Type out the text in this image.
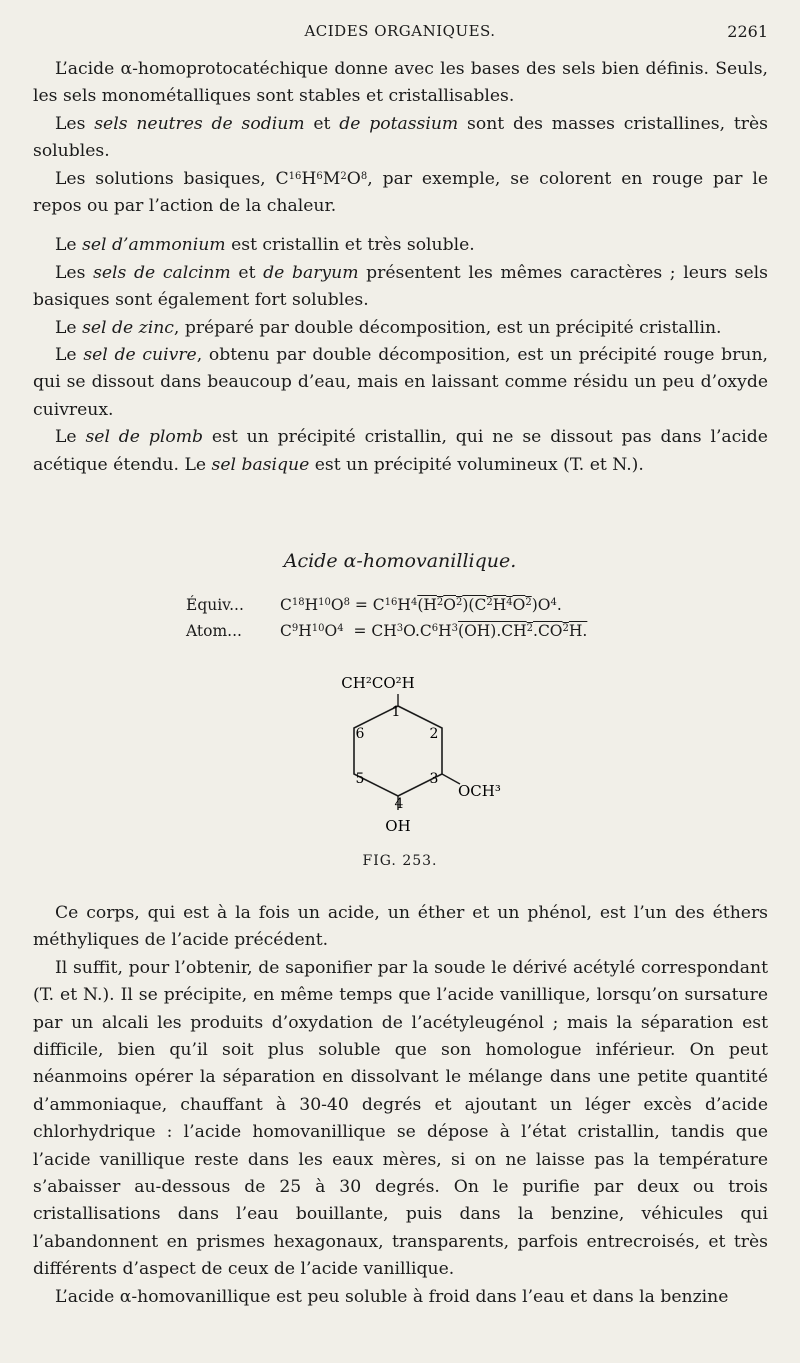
ACIDES ORGANIQUES.	2261

L’acide α-homoprotocatéchique donne avec les bases des sels bien définis. Seuls, les sels monométalliques sont stables et cristallisables.

Les sels neutres de sodium et de potassium sont des masses cristallines, très solubles.

Les solutions basiques, $C^{16}H^6M^2O^8$, par exemple, se colorent en rouge par le repos ou par l’action de la chaleur.

Le sel d’ammonium est cristallin et très soluble.

Les sels de calcinm et de baryum présentent les mêmes caractères ; leurs sels basiques sont également fort solubles.

Le sel de zinc, préparé par double décomposition, est un précipité cristallin.

Le sel de cuivre, obtenu par double décomposition, est un précipité rouge brun, qui se dissout dans beaucoup d’eau, mais en laissant comme résidu un peu d’oxyde cuivreux.

Le sel de plomb est un précipité cristallin, qui ne se dissout pas dans l’acide acétique étendu. Le sel basique est un précipité volumineux (T. et N.).

Acide α-homovanillique.
Équiv... $C^{18}H^{10}O^8 = C^{16}H^4(H^2O^2)(C^2H^4O^2)O^4$.
Atom... $C^9H^{10}O^4 = CH^3O.C^6H^3(OH).CH^2.CO^2H$.
CH²CO²H
1
2
3
4
5
6
OCH³
OH
FIG. 253.

Ce corps, qui est à la fois un acide, un éther et un phénol, est l’un des éthers méthyliques de l’acide précédent.

Il suffit, pour l’obtenir, de saponifier par la soude le dérivé acétylé correspondant (T. et N.). Il se précipite, en même temps que l’acide vanillique, lorsqu’on sursature par un alcali les produits d’oxydation de l’acétyleugénol ; mais la séparation est difficile, bien qu’il soit plus soluble que son homologue inférieur. On peut néanmoins opérer la séparation en dissolvant le mélange dans une petite quantité d’ammoniaque, chauffant à 30-40 degrés et ajoutant un léger excès d’acide chlorhydrique : l’acide homovanillique se dépose à l’état cristallin, tandis que l’acide vanillique reste dans les eaux mères, si on ne laisse pas la température s’abaisser au-dessous de 25 à 30 degrés. On le purifie par deux ou trois cristallisations dans l’eau bouillante, puis dans la benzine, véhicules qui l’abandonnent en prismes hexagonaux, transparents, parfois entrecroisés, et très différents d’aspect de ceux de l’acide vanillique.

L’acide α-homovanillique est peu soluble à froid dans l’eau et dans la benzine
